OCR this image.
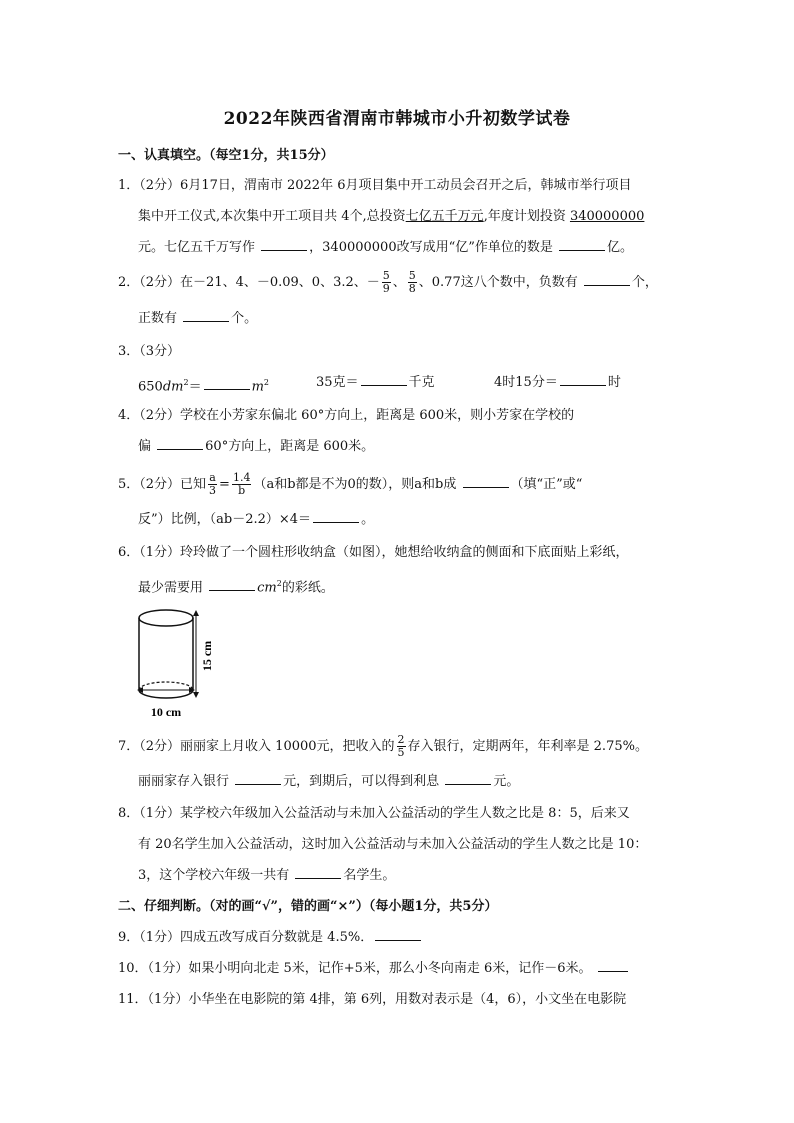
2022年陕西省渭南市韩城市小升初数学试卷
一、认真填空。（每空1分，共15分）
1．（2分）6月17日，渭南市 2022年 6月项目集中开工动员会召开之后，韩城市举行项目
集中开工仪式,本次集中开工项目共 4个,总投资七亿五千万元,年度计划投资 340000000
元。七亿五千万写作	，340000000改写成用“亿”作单位的数是	亿。
2．（2分）在－21、4、－0.09、0、3.2、－ $\frac{5}{9}$ 、 $\frac{5}{8}$ 、0.77这八个数中，负数有	个，
正数有	个。
3．（3分）
$650dm^2=$	$m^2$	35克＝	千克	4时15分＝	时
4．（2分）学校在小芳家东偏北 60°方向上，距离是 600米，则小芳家在学校的
偏	60°方向上，距离是 600米。
5．（2分）已知 $\frac{a}{3} = \frac{1.4}{b} (a$和b都是不为0的数），则a和b成	（填“正”或“
反”）比例，（ab－2.2）×4＝	。
6．（1分）玲玲做了一个圆柱形收纳盒（如图），她想给收纳盒的侧面和下底面贴上彩纸，
最少需要用	$cm^2$的彩纸。
15 cm
10 cm
7．（2分）丽丽家上月收入 10000元，把收入的 $\frac{2}{5}$ 存入银行，定期两年，年利率是 2.75%。
丽丽家存入银行	元，到期后，可以得到利息	元。
8．（1分）某学校六年级加入公益活动与未加入公益活动的学生人数之比是 8：5，后来又
有 20名学生加入公益活动，这时加入公益活动与未加入公益活动的学生人数之比是 10：
3，这个学校六年级一共有	名学生。
二、仔细判断。（对的画“√”，错的画“×”）（每小题1分，共5分）
9．（1分）四成五改写成百分数就是 4.5%．
10．（1分）如果小明向北走 5米，记作+5米，那么小冬向南走 6米，记作－6米。
11．（1分）小华坐在电影院的第 4排，第 6列，用数对表示是（4，6），小文坐在电影院
